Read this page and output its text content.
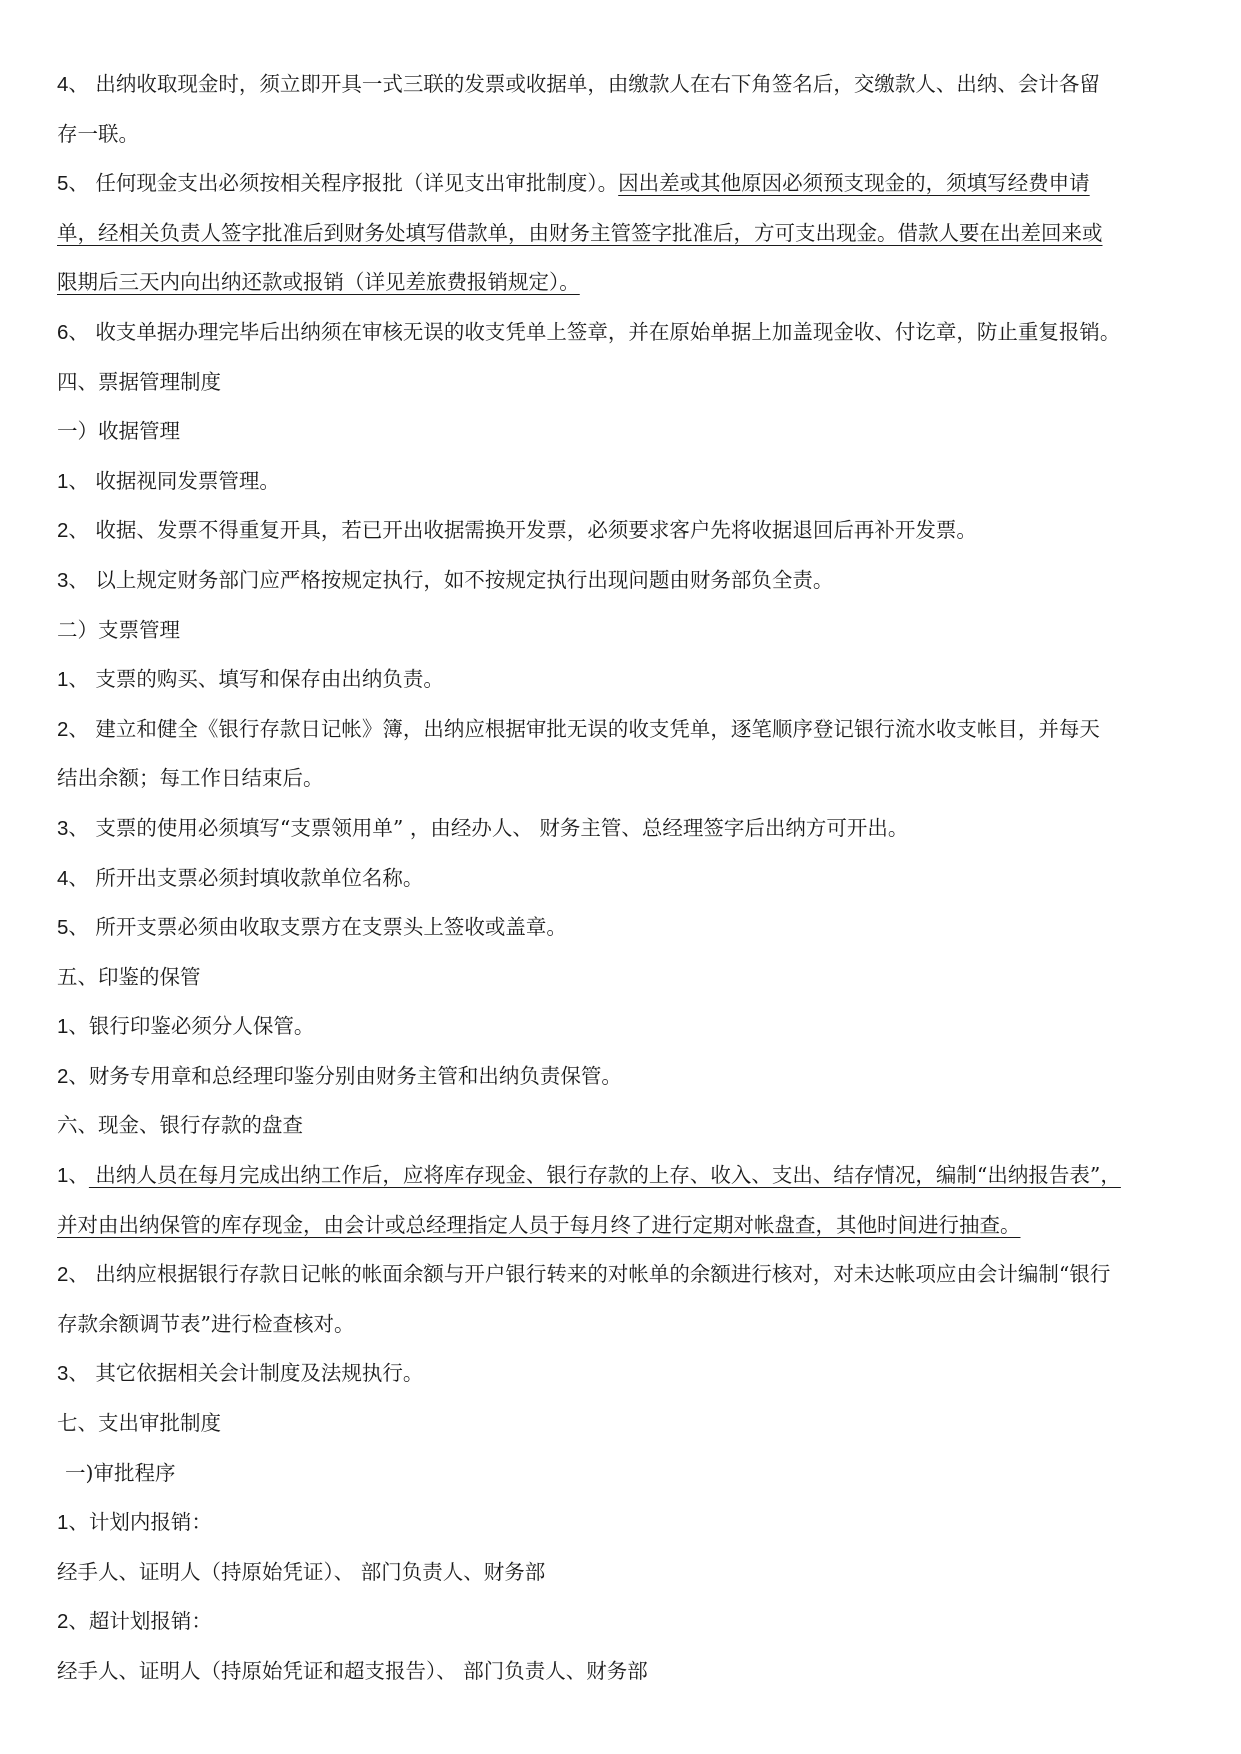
4、 出纳收取现金时，须立即开具一式三联的发票或收据单，由缴款人在右下角签名后，交缴款人、出纳、会计各留

存一联。

5、 任何现金支出必须按相关程序报批（详见支出审批制度）。因出差或其他原因必须预支现金的，须填写经费申请

单，经相关负责人签字批准后到财务处填写借款单，由财务主管签字批准后，方可支出现金。借款人要在出差回来或

限期后三天内向出纳还款或报销（详见差旅费报销规定）。

6、 收支单据办理完毕后出纳须在审核无误的收支凭单上签章，并在原始单据上加盖现金收、付讫章，防止重复报销。

四、票据管理制度

一）收据管理

1、 收据视同发票管理。

2、 收据、发票不得重复开具，若已开出收据需换开发票，必须要求客户先将收据退回后再补开发票。

3、 以上规定财务部门应严格按规定执行，如不按规定执行出现问题由财务部负全责。

二）支票管理

1、 支票的购买、填写和保存由出纳负责。

2、 建立和健全《银行存款日记帐》簿，出纳应根据审批无误的收支凭单，逐笔顺序登记银行流水收支帐目，并每天

结出余额；每工作日结束后。

3、 支票的使用必须填写“支票领用单” ，由经办人、 财务主管、总经理签字后出纳方可开出。

4、 所开出支票必须封填收款单位名称。

5、 所开支票必须由收取支票方在支票头上签收或盖章。

五、印鉴的保管

1、银行印鉴必须分人保管。

2、财务专用章和总经理印鉴分别由财务主管和出纳负责保管。

六、现金、银行存款的盘查

1、 出纳人员在每月完成出纳工作后，应将库存现金、银行存款的上存、收入、支出、结存情况，编制“出纳报告表”，

并对由出纳保管的库存现金，由会计或总经理指定人员于每月终了进行定期对帐盘查，其他时间进行抽查。

2、 出纳应根据银行存款日记帐的帐面余额与开户银行转来的对帐单的余额进行核对，对未达帐项应由会计编制“银行

存款余额调节表”进行检查核对。

3、 其它依据相关会计制度及法规执行。

七、支出审批制度

一)审批程序

1、计划内报销：

经手人、证明人（持原始凭证）、 部门负责人、财务部

2、超计划报销：

经手人、证明人（持原始凭证和超支报告）、 部门负责人、财务部
